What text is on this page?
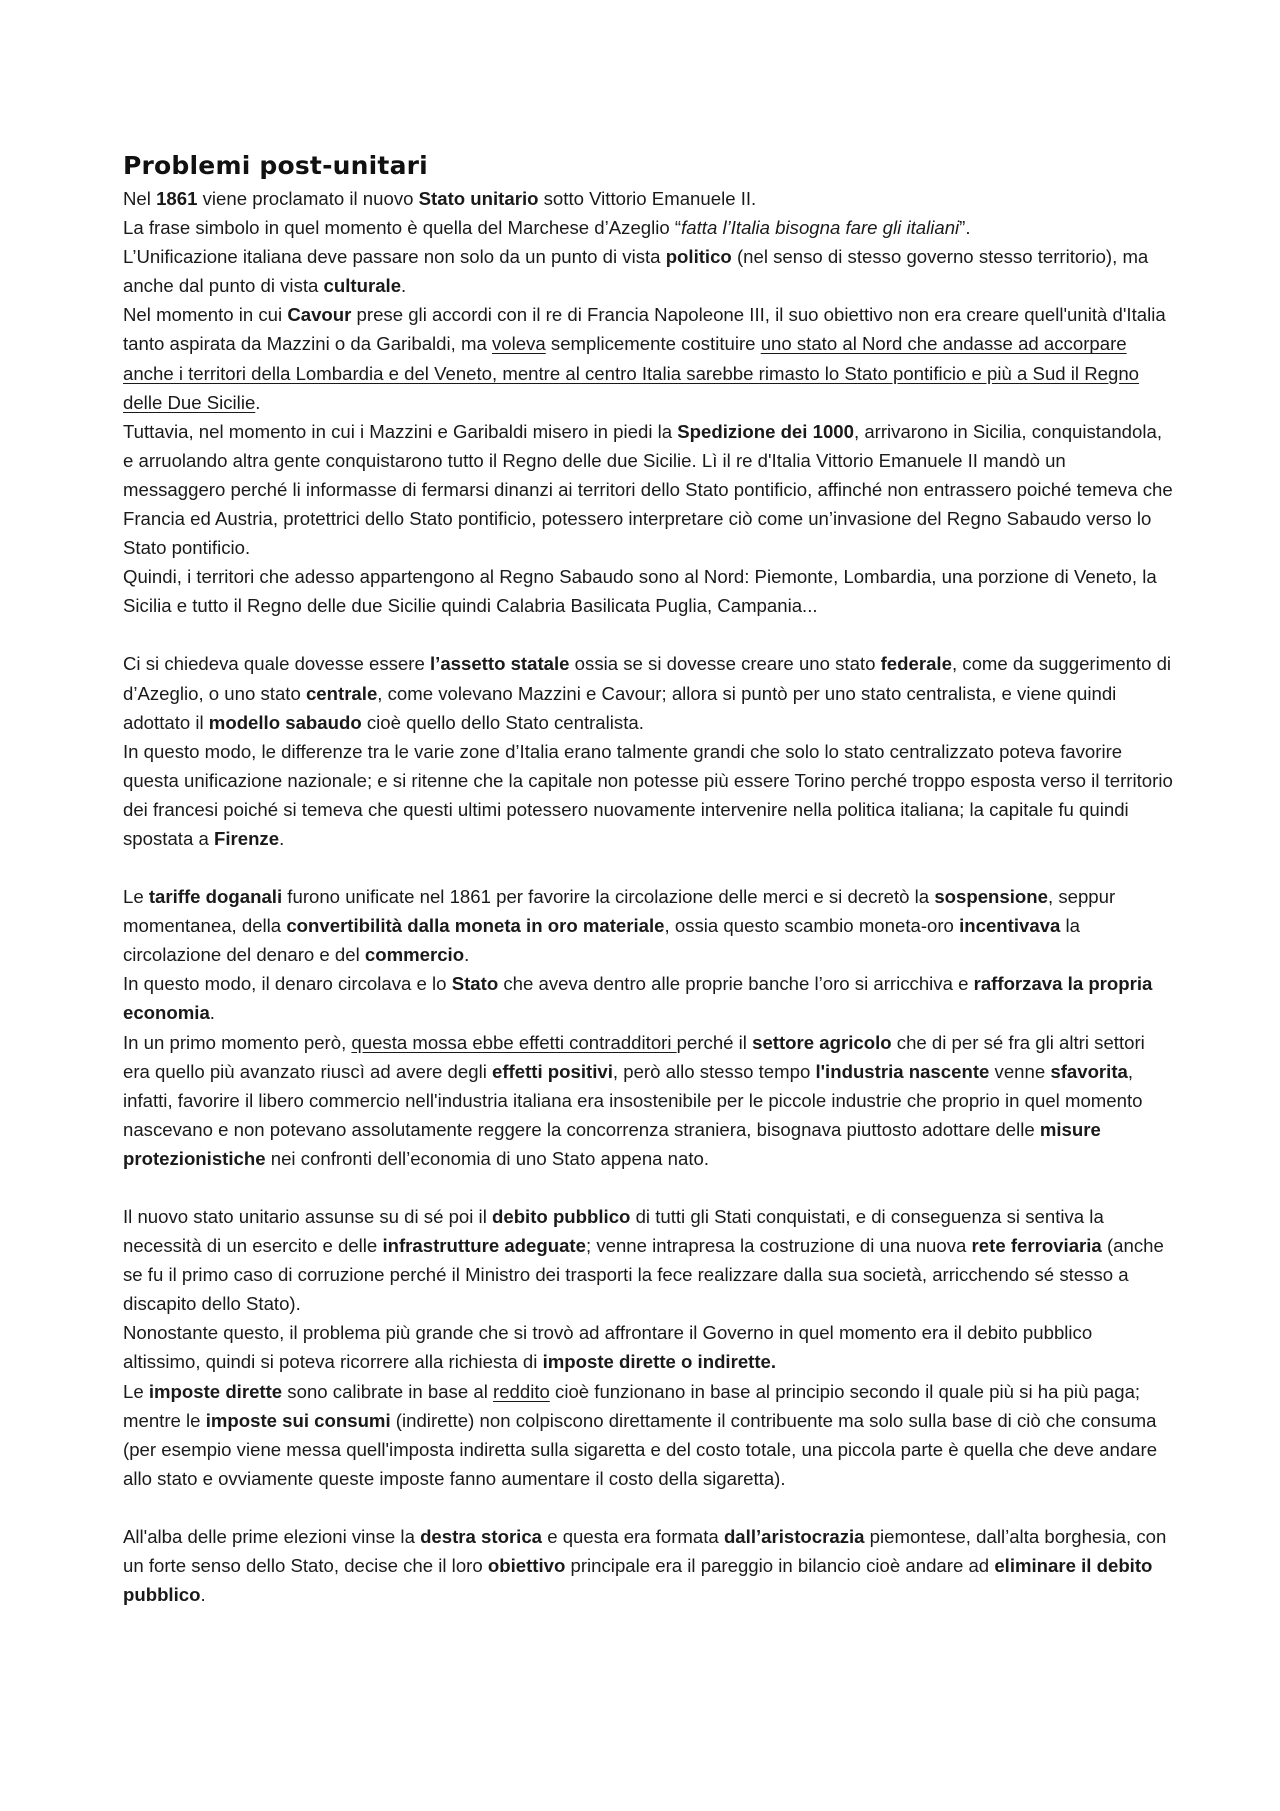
Problemi post-unitari

Nel 1861 viene proclamato il nuovo Stato unitario sotto Vittorio Emanuele II.

La frase simbolo in quel momento è quella del Marchese d’Azeglio “fatta l’Italia bisogna fare gli italiani”.

L’Unificazione italiana deve passare non solo da un punto di vista politico (nel senso di stesso governo stesso territorio), ma anche dal punto di vista culturale.

Nel momento in cui Cavour prese gli accordi con il re di Francia Napoleone III, il suo obiettivo non era creare quell'unità d'Italia tanto aspirata da Mazzini o da Garibaldi, ma voleva semplicemente costituire uno stato al Nord che andasse ad accorpare anche i territori della Lombardia e del Veneto, mentre al centro Italia sarebbe rimasto lo Stato pontificio e più a Sud il Regno delle Due Sicilie.

Tuttavia, nel momento in cui i Mazzini e Garibaldi misero in piedi la Spedizione dei 1000, arrivarono in Sicilia, conquistandola, e arruolando altra gente conquistarono tutto il Regno delle due Sicilie. Lì il re d'Italia Vittorio Emanuele II mandò un messaggero perché li informasse di fermarsi dinanzi ai territori dello Stato pontificio, affinché non entrassero poiché temeva che Francia ed Austria, protettrici dello Stato pontificio, potessero interpretare ciò come un’invasione del Regno Sabaudo verso lo Stato pontificio.

Quindi, i territori che adesso appartengono al Regno Sabaudo sono al Nord: Piemonte, Lombardia, una porzione di Veneto, la Sicilia e tutto il Regno delle due Sicilie quindi Calabria Basilicata Puglia, Campania...

Ci si chiedeva quale dovesse essere l’assetto statale ossia se si dovesse creare uno stato federale, come da suggerimento di d’Azeglio, o uno stato centrale, come volevano Mazzini e Cavour; allora si puntò per uno stato centralista, e viene quindi adottato il modello sabaudo cioè quello dello Stato centralista.

In questo modo, le differenze tra le varie zone d’Italia erano talmente grandi che solo lo stato centralizzato poteva favorire questa unificazione nazionale; e si ritenne che la capitale non potesse più essere Torino perché troppo esposta verso il territorio dei francesi poiché si temeva che questi ultimi potessero nuovamente intervenire nella politica italiana; la capitale fu quindi spostata a Firenze.

Le tariffe doganali furono unificate nel 1861 per favorire la circolazione delle merci e si decretò la sospensione, seppur momentanea, della convertibilità dalla moneta in oro materiale, ossia questo scambio moneta-oro incentivava la circolazione del denaro e del commercio.

In questo modo, il denaro circolava e lo Stato che aveva dentro alle proprie banche l’oro si arricchiva e rafforzava la propria economia.

In un primo momento però, questa mossa ebbe effetti contradditori perché il settore agricolo che di per sé fra gli altri settori era quello più avanzato riuscì ad avere degli effetti positivi, però allo stesso tempo l'industria nascente venne sfavorita, infatti, favorire il libero commercio nell'industria italiana era insostenibile per le piccole industrie che proprio in quel momento nascevano e non potevano assolutamente reggere la concorrenza straniera, bisognava piuttosto adottare delle misure protezionistiche nei confronti dell’economia di uno Stato appena nato.

Il nuovo stato unitario assunse su di sé poi il debito pubblico di tutti gli Stati conquistati, e di conseguenza si sentiva la necessità di un esercito e delle infrastrutture adeguate; venne intrapresa la costruzione di una nuova rete ferroviaria (anche se fu il primo caso di corruzione perché il Ministro dei trasporti la fece realizzare dalla sua società, arricchendo sé stesso a discapito dello Stato).

Nonostante questo, il problema più grande che si trovò ad affrontare il Governo in quel momento era il debito pubblico altissimo, quindi si poteva ricorrere alla richiesta di imposte dirette o indirette.

Le imposte dirette sono calibrate in base al reddito cioè funzionano in base al principio secondo il quale più si ha più paga; mentre le imposte sui consumi (indirette) non colpiscono direttamente il contribuente ma solo sulla base di ciò che consuma (per esempio viene messa quell'imposta indiretta sulla sigaretta e del costo totale, una piccola parte è quella che deve andare allo stato e ovviamente queste imposte fanno aumentare il costo della sigaretta).

All'alba delle prime elezioni vinse la destra storica e questa era formata dall’aristocrazia piemontese, dall’alta borghesia, con un forte senso dello Stato, decise che il loro obiettivo principale era il pareggio in bilancio cioè andare ad eliminare il debito pubblico.
